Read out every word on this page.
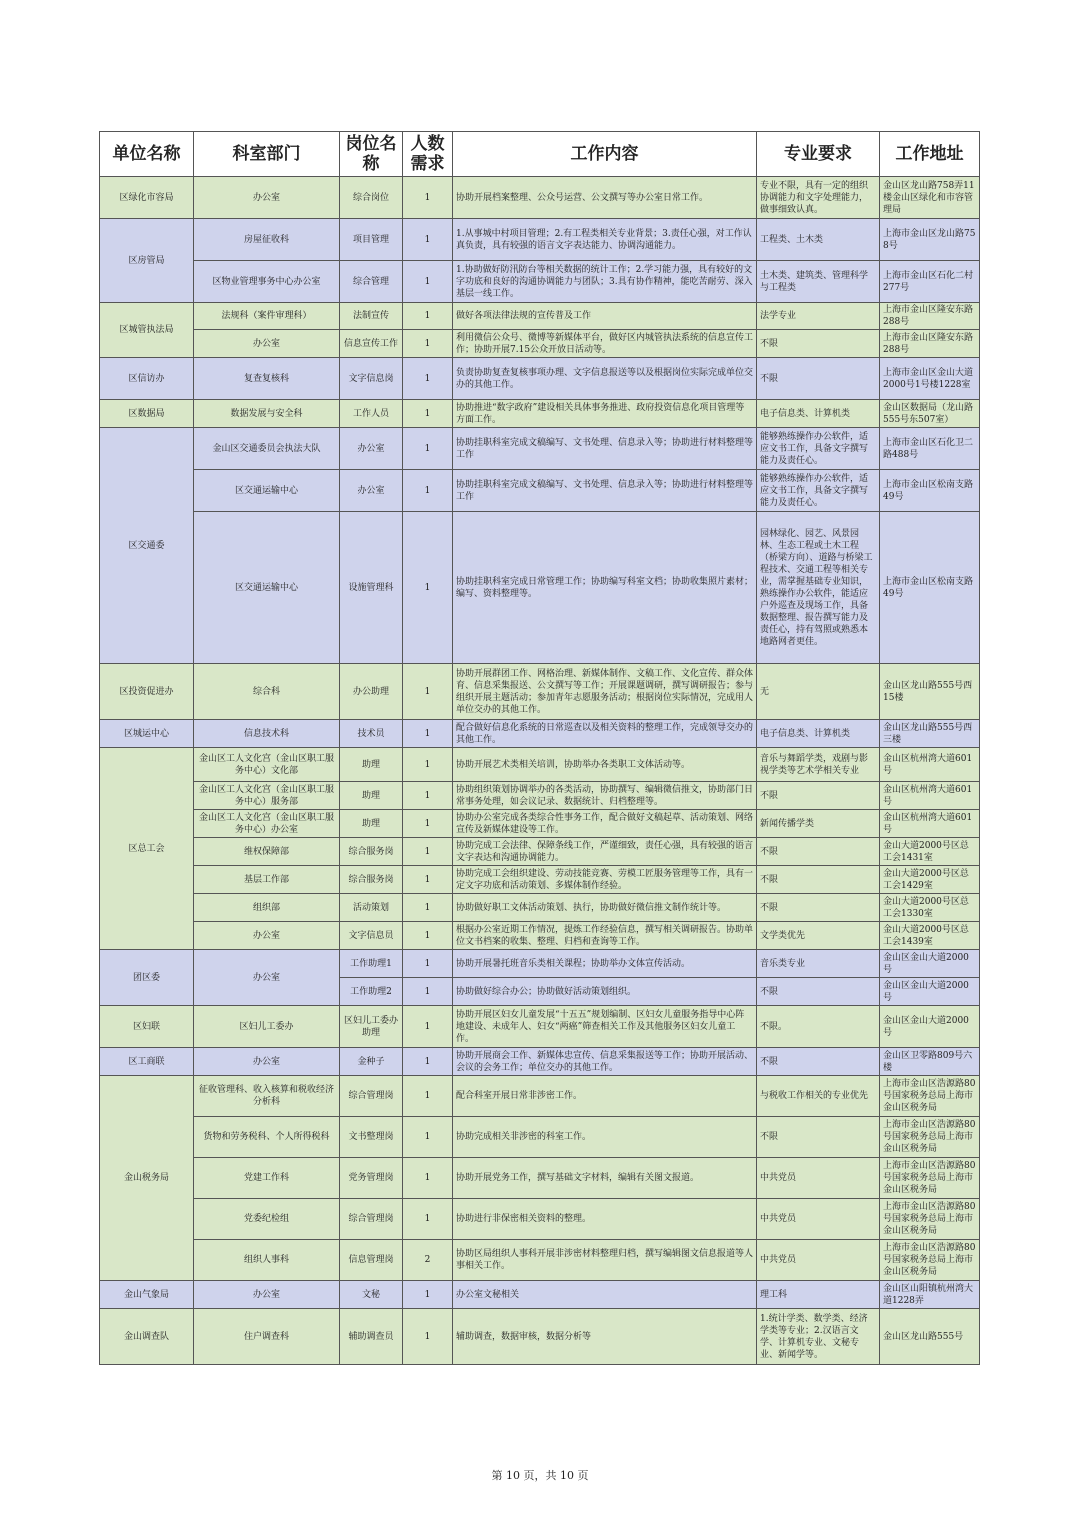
单位名称	科室部门	岗位名称	人数需求	工作内容	专业要求	工作地址
区绿化市容局	办公室	综合岗位	1	协助开展档案整理、公众号运营、公文撰写等办公室日常工作。	专业不限，具有一定的组织协调能力和文字处理能力，做事细致认真。	金山区龙山路758弄11楼金山区绿化和市容管理局
区房管局	房屋征收科	项目管理	1	1.从事城中村项目管理；2.有工程类相关专业背景；3.责任心强，对工作认真负责，具有较强的语言文字表达能力、协调沟通能力。	工程类、土木类	上海市金山区龙山路758号
	区物业管理事务中心办公室	综合管理	1	1.协助做好防汛防台等相关数据的统计工作；2.学习能力强，具有较好的文字功底和良好的沟通协调能力与团队；3.具有协作精神，能吃苦耐劳、深入基层一线工作。	土木类、建筑类、管理科学与工程类	上海市金山区石化二村277号
区城管执法局	法规科（案件审理科）	法制宣传	1	做好各项法律法规的宣传普及工作	法学专业	上海市金山区隆安东路288号
	办公室	信息宣传工作	1	利用微信公众号、微博等新媒体平台，做好区内城管执法系统的信息宣传工作；协助开展7.15公众开放日活动等。	不限	上海市金山区隆安东路288号
区信访办	复查复核科	文字信息岗	1	负责协助复查复核事项办理、文字信息报送等以及根据岗位实际完成单位交办的其他工作。	不限	上海市金山区金山大道2000号1号楼1228室
区数据局	数据发展与安全科	工作人员	1	协助推进“数字政府”建设相关具体事务推进、政府投资信息化项目管理等方面工作。	电子信息类、计算机类	金山区数据局（龙山路555号东507室）
区交通委	金山区交通委员会执法大队	办公室	1	协助挂职科室完成文稿编写、文书处理、信息录入等；协助进行材料整理等工作	能够熟练操作办公软件，适应文书工作，具备文字撰写能力及责任心。	上海市金山区石化卫二路488号
	区交通运输中心	办公室	1	协助挂职科室完成文稿编写、文书处理、信息录入等；协助进行材料整理等工作	能够熟练操作办公软件，适应文书工作，具备文字撰写能力及责任心。	上海市金山区松南支路49号
	区交通运输中心	设施管理科	1	协助挂职科室完成日常管理工作；协助编写科室文档；协助收集照片素材；编写、资料整理等。	园林绿化、园艺、风景园林、生态工程或土木工程（桥梁方向）、道路与桥梁工程技术、交通工程等相关专业，需掌握基础专业知识，熟练操作办公软件，能适应户外巡查及现场工作，具备数据整理、报告撰写能力及责任心，持有驾照或熟悉本地路网者更佳。	上海市金山区松南支路49号
区投资促进办	综合科	办公助理	1	协助开展群团工作、网格治理、新媒体制作、文稿工作、文化宣传、群众体育、信息采集报送、公文撰写等工作；开展课题调研，撰写调研报告；参与组织开展主题活动；参加青年志愿服务活动；根据岗位实际情况，完成用人单位交办的其他工作。	无	金山区龙山路555号西15楼
区城运中心	信息技术科	技术员	1	配合做好信息化系统的日常巡查以及相关资料的整理工作，完成领导交办的其他工作。	电子信息类、计算机类	金山区龙山路555号西三楼
区总工会	金山区工人文化宫（金山区职工服务中心）文化部	助理	1	协助开展艺术类相关培训，协助举办各类职工文体活动等。	音乐与舞蹈学类，戏剧与影视学类等艺术学相关专业	金山区杭州湾大道601号
	金山区工人文化宫（金山区职工服务中心）服务部	助理	1	协助组织策划协调举办的各类活动，协助撰写、编辑微信推文，协助部门日常事务处理，如会议记录、数据统计、归档整理等。	不限	金山区杭州湾大道601号
	金山区工人文化宫（金山区职工服务中心）办公室	助理	1	协助办公室完成各类综合性事务工作，配合做好文稿起草、活动策划、网络宣传及新媒体建设等工作。	新闻传播学类	金山区杭州湾大道601号
	维权保障部	综合服务岗	1	协助完成工会法律、保障条线工作，严谨细致，责任心强，具有较强的语言文字表达和沟通协调能力。	不限	金山大道2000号区总工会1431室
	基层工作部	综合服务岗	1	协助完成工会组织建设、劳动技能竞赛、劳模工匠服务管理等工作，具有一定文字功底和活动策划、多媒体制作经验。	不限	金山大道2000号区总工会1429室
	组织部	活动策划	1	协助做好职工文体活动策划、执行，协助做好微信推文制作统计等。	不限	金山大道2000号区总工会1330室
	办公室	文字信息员	1	根据办公室近期工作情况，提炼工作经验信息，撰写相关调研报告。协助单位文书档案的收集、整理、归档和查询等工作。	文学类优先	金山大道2000号区总工会1439室
团区委	办公室	工作助理1	1	协助开展暑托班音乐类相关课程；协助举办文体宣传活动。	音乐类专业	金山区金山大道2000号
		工作助理2	1	协助做好综合办公；协助做好活动策划组织。	不限	金山区金山大道2000号
区妇联	区妇儿工委办	区妇儿工委办助理	1	协助开展区妇女儿童发展“十五五”规划编制、区妇女儿童服务指导中心阵地建设、未成年人、妇女“两癌”筛查相关工作及其他服务区妇女儿童工作。	不限。	金山区金山大道2000号
区工商联	办公室	金种子	1	协助开展商会工作、新媒体忠宣传、信息采集报送等工作；协助开展活动、会议的会务工作；单位交办的其他工作。	不限	金山区卫零路809号六楼
金山税务局	征收管理科、收入核算和税收经济分析科	综合管理岗	1	配合科室开展日常非涉密工作。	与税收工作相关的专业优先	上海市金山区浩源路80号国家税务总局上海市金山区税务局
	货物和劳务税科、个人所得税科	文书整理岗	1	协助完成相关非涉密的科室工作。	不限	上海市金山区浩源路80号国家税务总局上海市金山区税务局
	党建工作科	党务管理岗	1	协助开展党务工作，撰写基础文字材料，编辑有关图文报道。	中共党员	上海市金山区浩源路80号国家税务总局上海市金山区税务局
	党委纪检组	综合管理岗	1	协助进行非保密相关资料的整理。	中共党员	上海市金山区浩源路80号国家税务总局上海市金山区税务局
	组织人事科	信息管理岗	2	协助区局组织人事科开展非涉密材料整理归档，撰写编辑图文信息报道等人事相关工作。	中共党员	上海市金山区浩源路80号国家税务总局上海市金山区税务局
金山气象局	办公室	文秘	1	办公室文秘相关	理工科	金山区山阳镇杭州湾大道1228弄
金山调查队	住户调查科	辅助调查员	1	辅助调查，数据审核，数据分析等	1.统计学类、数学类、经济学类等专业；2.汉语言文学、计算机专业、文秘专业、新闻学等。	金山区龙山路555号
第 10 页，共 10 页
